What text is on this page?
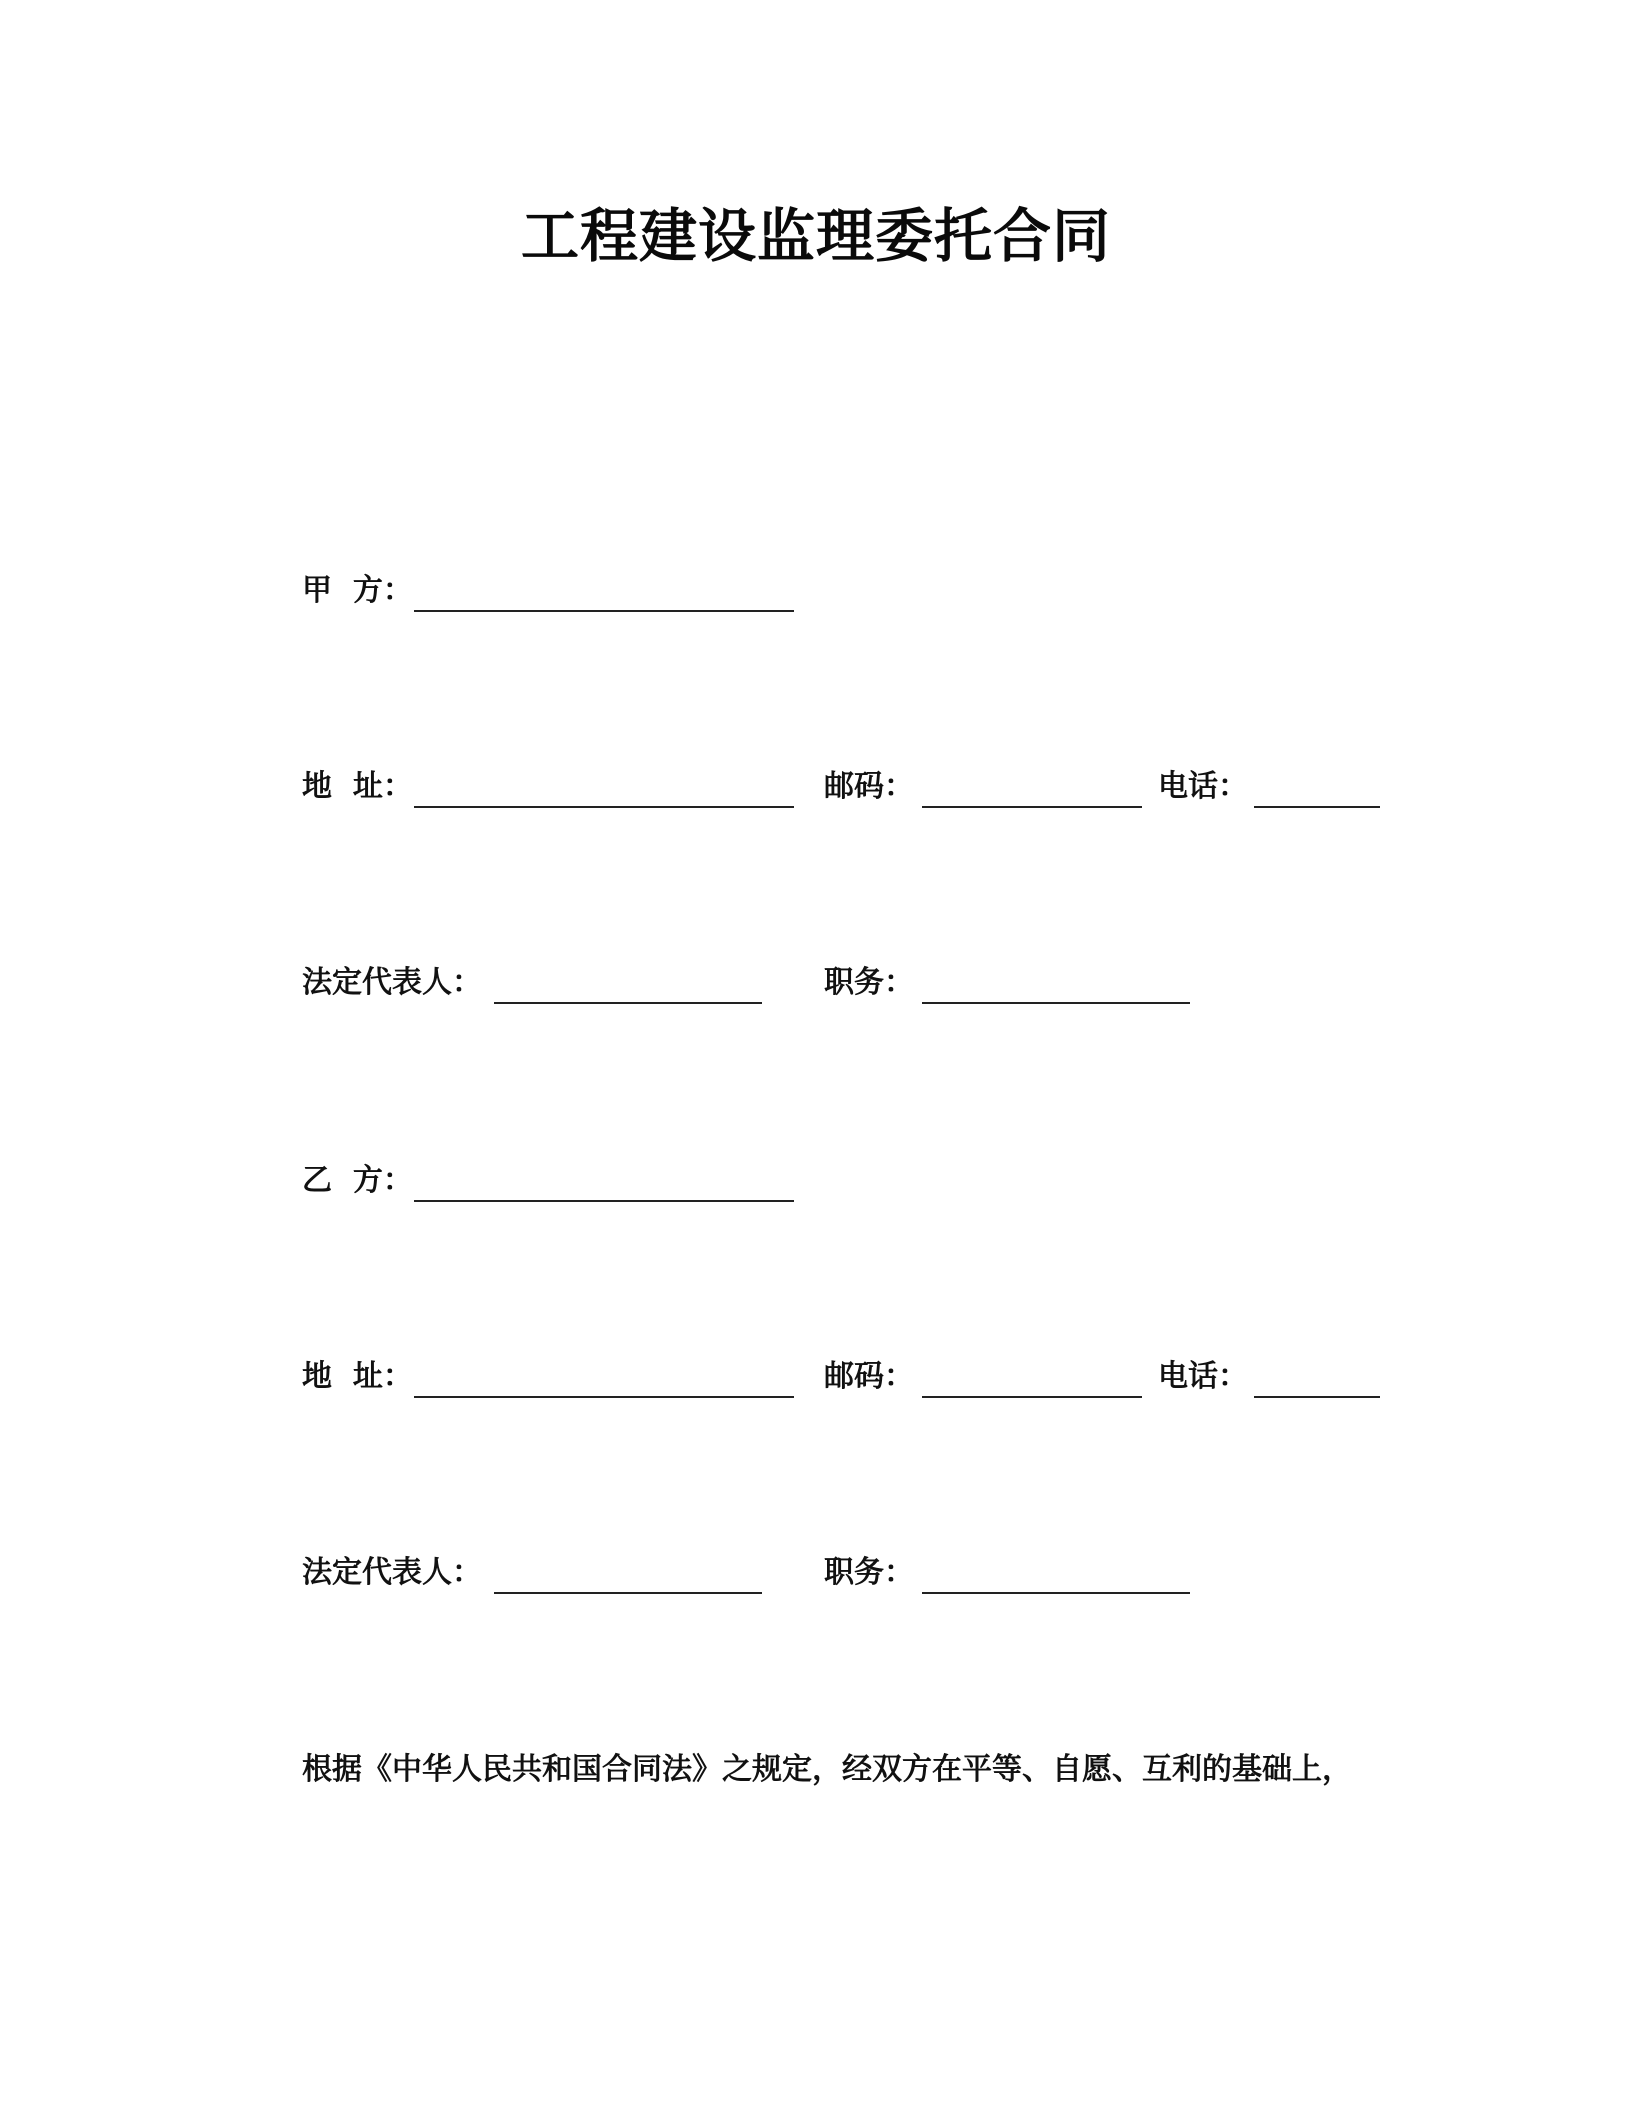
工程建设监理委托合同
甲  方：
地  址：	邮码：	电话：
法定代表人：	职务：
乙  方：
地  址：	邮码：	电话：
法定代表人：	职务：
根据《中华人民共和国合同法》之规定，经双方在平等、自愿、互利的基础上，
